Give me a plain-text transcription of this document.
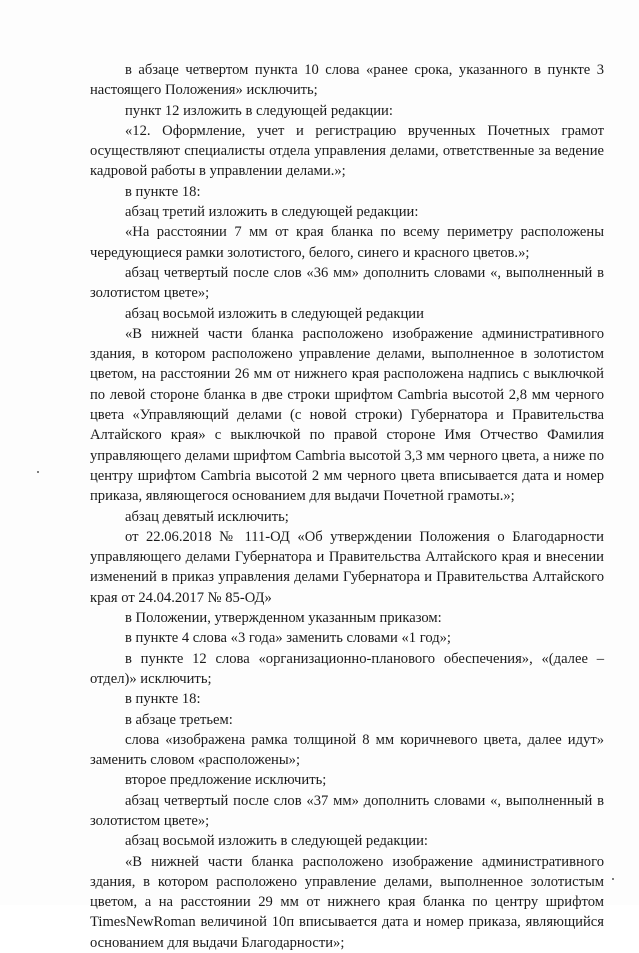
в абзаце четвертом пункта 10 слова «ранее срока, указанного в пункте 3 настоящего Положения» исключить;

пункт 12 изложить в следующей редакции:

«12. Оформление, учет и регистрацию врученных Почетных грамот осуществляют специалисты отдела управления делами, ответственные за ведение кадровой работы в управлении делами.»;

в пункте 18:

абзац третий изложить в следующей редакции:

«На расстоянии 7 мм от края бланка по всему периметру расположены чередующиеся рамки золотистого, белого, синего и красного цветов.»;

абзац четвертый после слов «36 мм» дополнить словами «, выполненный в золотистом цвете»;

абзац восьмой изложить в следующей редакции

«В нижней части бланка расположено изображение административного здания, в котором расположено управление делами, выполненное в золотистом цветом, на расстоянии 26 мм от нижнего края расположена надпись с выключкой по левой стороне бланка в две строки шрифтом Cambria высотой 2,8 мм черного цвета «Управляющий делами (с новой строки) Губернатора и Правительства Алтайского края» с выключкой по правой стороне Имя Отчество Фамилия управляющего делами шрифтом Cambria высотой 3,3 мм черного цвета, а ниже по центру шрифтом Cambria высотой 2 мм черного цвета вписывается дата и номер приказа, являющегося основанием для выдачи Почетной грамоты.»;

абзац девятый исключить;

от 22.06.2018 № 111-ОД «Об утверждении Положения о Благодарности управляющего делами Губернатора и Правительства Алтайского края и внесении изменений в приказ управления делами Губернатора и Правительства Алтайского края от 24.04.2017 № 85-ОД»

в Положении, утвержденном указанным приказом:

в пункте 4 слова «3 года» заменить словами «1 год»;

в пункте 12 слова «организационно-планового обеспечения», «(далее – отдел)» исключить;

в пункте 18:

в абзаце третьем:

слова «изображена рамка толщиной 8 мм коричневого цвета, далее идут» заменить словом «расположены»;

второе предложение исключить;

абзац четвертый после слов «37 мм» дополнить словами «, выполненный в золотистом цвете»;

абзац восьмой изложить в следующей редакции:

«В нижней части бланка расположено изображение административного здания, в котором расположено управление делами, выполненное золотистым цветом, а на расстоянии 29 мм от нижнего края бланка по центру шрифтом TimesNewRoman величиной 10п вписывается дата и номер приказа, являющийся основанием для выдачи Благодарности»;
